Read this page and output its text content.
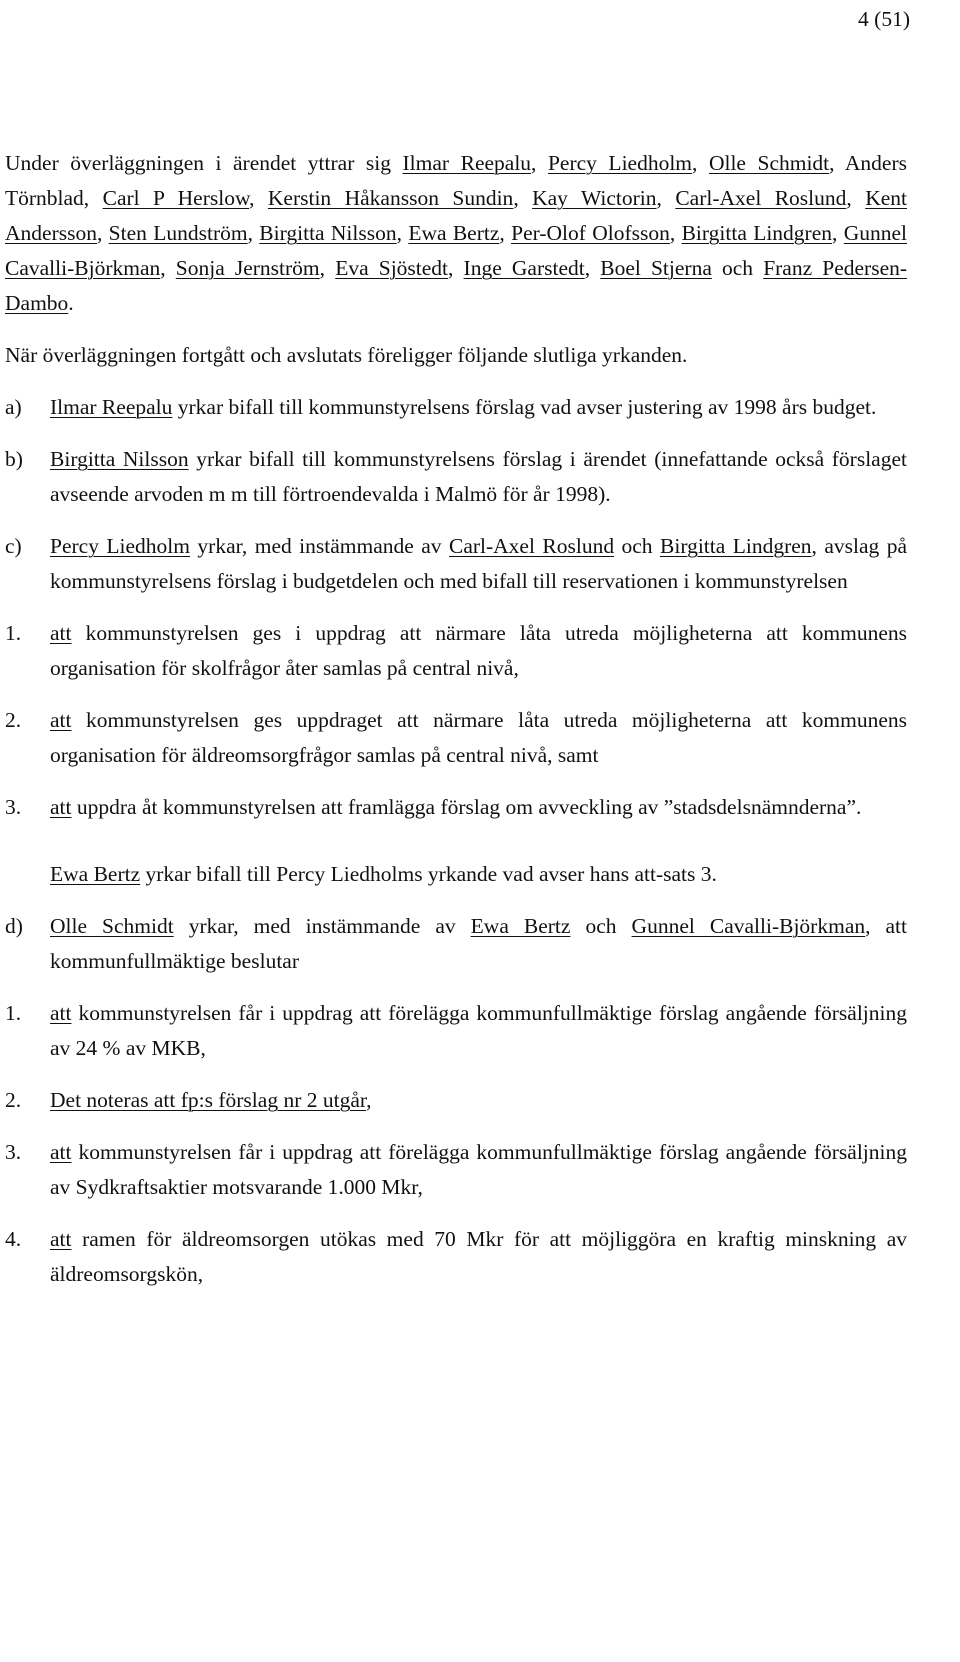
4 (51)

Under överläggningen i ärendet yttrar sig Ilmar Reepalu, Percy Liedholm, Olle Schmidt, Anders Törnblad, Carl P Herslow, Kerstin Håkansson Sundin, Kay Wictorin, Carl-Axel Roslund, Kent Andersson, Sten Lundström, Birgitta Nilsson, Ewa Bertz, Per-Olof Olofsson, Birgitta Lindgren, Gunnel Cavalli-Björkman, Sonja Jernström, Eva Sjöstedt, Inge Garstedt, Boel Stjerna och Franz Pedersen-Dambo.

När överläggningen fortgått och avslutats föreligger följande slutliga yrkanden.

a) Ilmar Reepalu yrkar bifall till kommunstyrelsens förslag vad avser justering av 1998 års budget.
b) Birgitta Nilsson yrkar bifall till kommunstyrelsens förslag i ärendet (innefattande också förslaget avseende arvoden m m till förtroendevalda i Malmö för år 1998).
c) Percy Liedholm yrkar, med instämmande av Carl-Axel Roslund och Birgitta Lindgren, avslag på kommunstyrelsens förslag i budgetdelen och med bifall till reservationen i kommunstyrelsen
1. att kommunstyrelsen ges i uppdrag att närmare låta utreda möjligheterna att kommunens organisation för skolfrågor åter samlas på central nivå,
2. att kommunstyrelsen ges uppdraget att närmare låta utreda möjligheterna att kommunens organisation för äldreomsorgfrågor samlas på central nivå, samt
3. att uppdra åt kommunstyrelsen att framlägga förslag om avveckling av ”stadsdelsnämnderna”.

Ewa Bertz yrkar bifall till Percy Liedholms yrkande vad avser hans att-sats 3.

d) Olle Schmidt yrkar, med instämmande av Ewa Bertz och Gunnel Cavalli-Björkman, att kommunfullmäktige beslutar
1. att kommunstyrelsen får i uppdrag att förelägga kommunfullmäktige förslag angående försäljning av 24 % av MKB,
2. Det noteras att fp:s förslag nr 2 utgår,
3. att kommunstyrelsen får i uppdrag att förelägga kommunfullmäktige förslag angående försäljning av Sydkraftsaktier motsvarande 1.000 Mkr,
4. att ramen för äldreomsorgen utökas med 70 Mkr för att möjliggöra en kraftig minskning av äldreomsorgskön,
